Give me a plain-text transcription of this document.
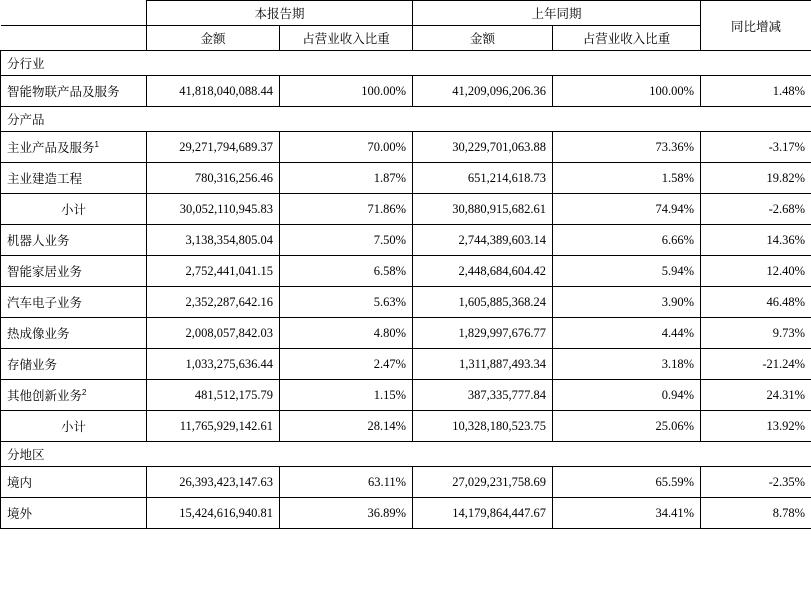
	本报告期		上年同期		同比增减
	金额	占营业收入比重	金额	占营业收入比重	
分行业					
智能物联产品及服务	41,818,040,088.44	100.00%	41,209,096,206.36	100.00%	1.48%
分产品					
主业产品及服务$^1$	29,271,794,689.37	70.00%	30,229,701,063.88	73.36%	-3.17%
主业建造工程	780,316,256.46	1.87%	651,214,618.73	1.58%	19.82%
小计	30,052,110,945.83	71.86%	30,880,915,682.61	74.94%	-2.68%
机器人业务	3,138,354,805.04	7.50%	2,744,389,603.14	6.66%	14.36%
智能家居业务	2,752,441,041.15	6.58%	2,448,684,604.42	5.94%	12.40%
汽车电子业务	2,352,287,642.16	5.63%	1,605,885,368.24	3.90%	46.48%
热成像业务	2,008,057,842.03	4.80%	1,829,997,676.77	4.44%	9.73%
存储业务	1,033,275,636.44	2.47%	1,311,887,493.34	3.18%	-21.24%
其他创新业务$^2$	481,512,175.79	1.15%	387,335,777.84	0.94%	24.31%
小计	11,765,929,142.61	28.14%	10,328,180,523.75	25.06%	13.92%
分地区					
境内	26,393,423,147.63	63.11%	27,029,231,758.69	65.59%	-2.35%
境外	15,424,616,940.81	36.89%	14,179,864,447.67	34.41%	8.78%
